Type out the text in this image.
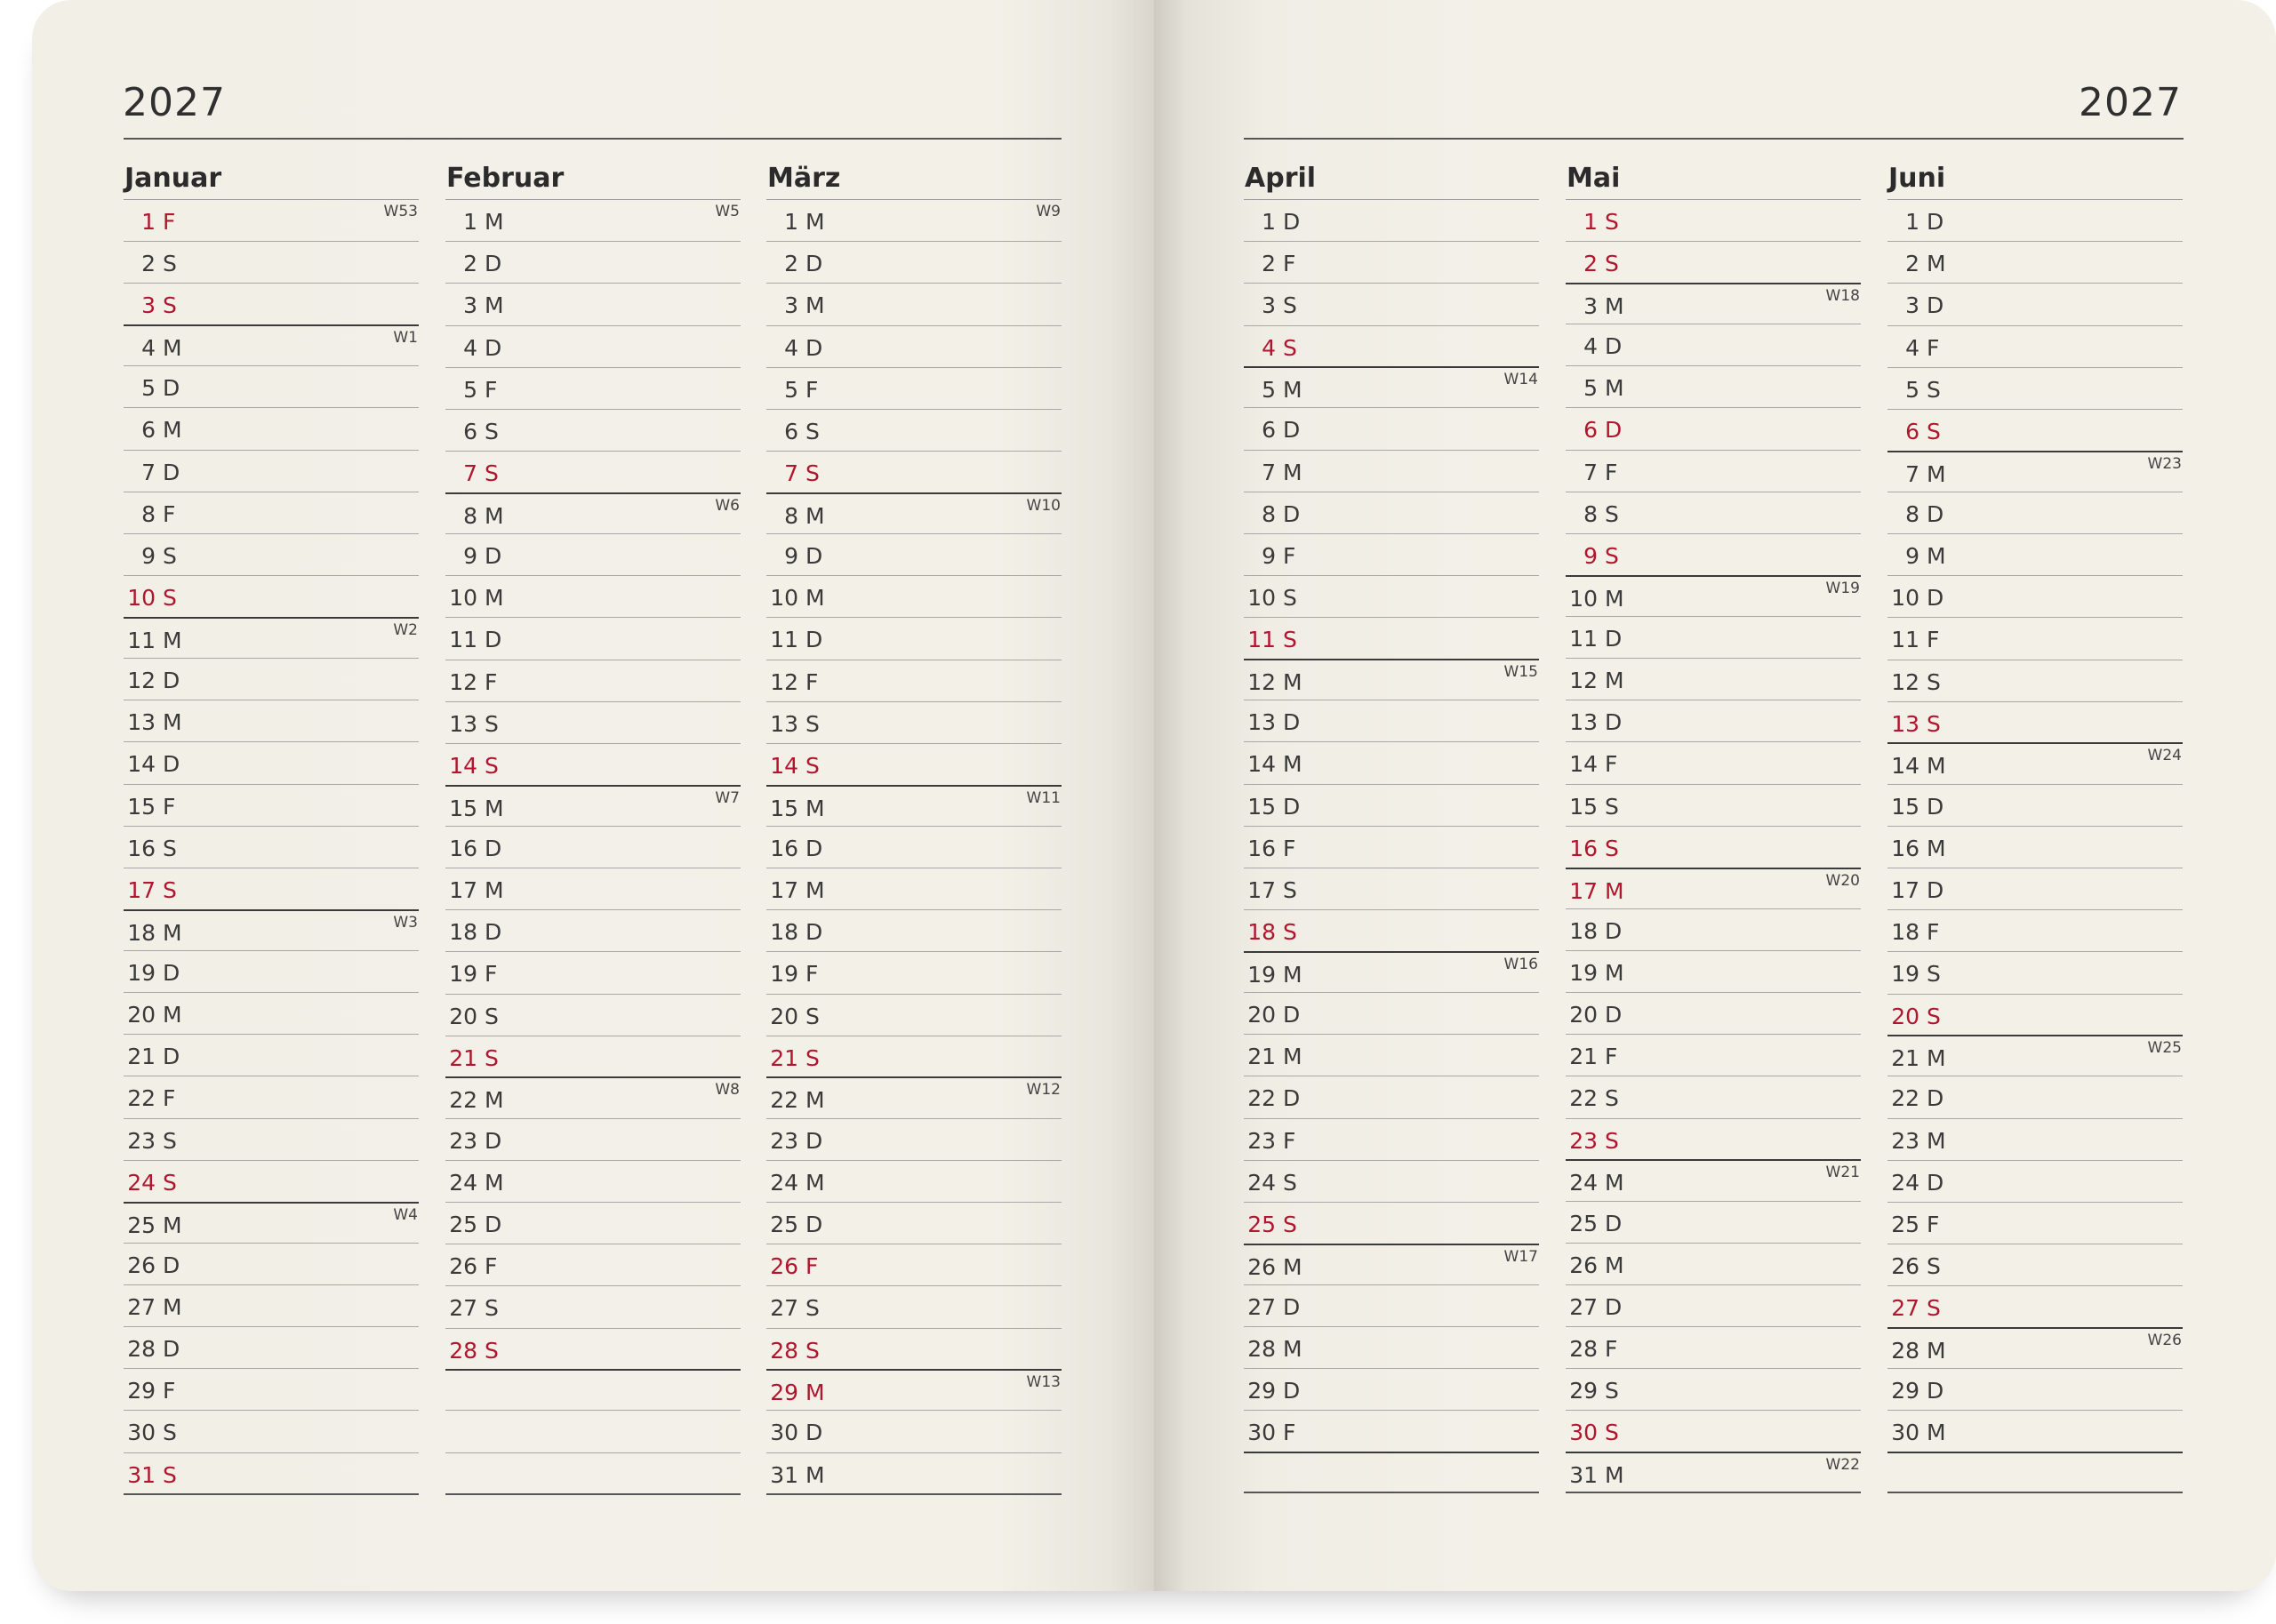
2027
Januar
1 F	W53
2 S
3 S
4 M	W1
5 D
6 M
7 D
8 F
9 S
10 S
11 M	W2
12 D
13 M
14 D
15 F
16 S
17 S
18 M	W3
19 D
20 M
21 D
22 F
23 S
24 S
25 M	W4
26 D
27 M
28 D
29 F
30 S
31 S
Februar
1 M	W5
2 D
3 M
4 D
5 F
6 S
7 S
8 M	W6
9 D
10 M
11 D
12 F
13 S
14 S
15 M	W7
16 D
17 M
18 D
19 F
20 S
21 S
22 M	W8
23 D
24 M
25 D
26 F
27 S
28 S
März
1 M	W9
2 D
3 M
4 D
5 F
6 S
7 S
8 M	W10
9 D
10 M
11 D
12 F
13 S
14 S
15 M	W11
16 D
17 M
18 D
19 F
20 S
21 S
22 M	W12
23 D
24 M
25 D
26 F
27 S
28 S
29 M	W13
30 D
31 M
2027
April
1 D
2 F
3 S
4 S
5 M	W14
6 D
7 M
8 D
9 F
10 S
11 S
12 M	W15
13 D
14 M
15 D
16 F
17 S
18 S
19 M	W16
20 D
21 M
22 D
23 F
24 S
25 S
26 M	W17
27 D
28 M
29 D
30 F
Mai
1 S
2 S
3 M	W18
4 D
5 M
6 D
7 F
8 S
9 S
10 M	W19
11 D
12 M
13 D
14 F
15 S
16 S
17 M	W20
18 D
19 M
20 D
21 F
22 S
23 S
24 M	W21
25 D
26 M
27 D
28 F
29 S
30 S
31 M	W22
Juni
1 D
2 M
3 D
4 F
5 S
6 S
7 M	W23
8 D
9 M
10 D
11 F
12 S
13 S
14 M	W24
15 D
16 M
17 D
18 F
19 S
20 S
21 M	W25
22 D
23 M
24 D
25 F
26 S
27 S
28 M	W26
29 D
30 M
